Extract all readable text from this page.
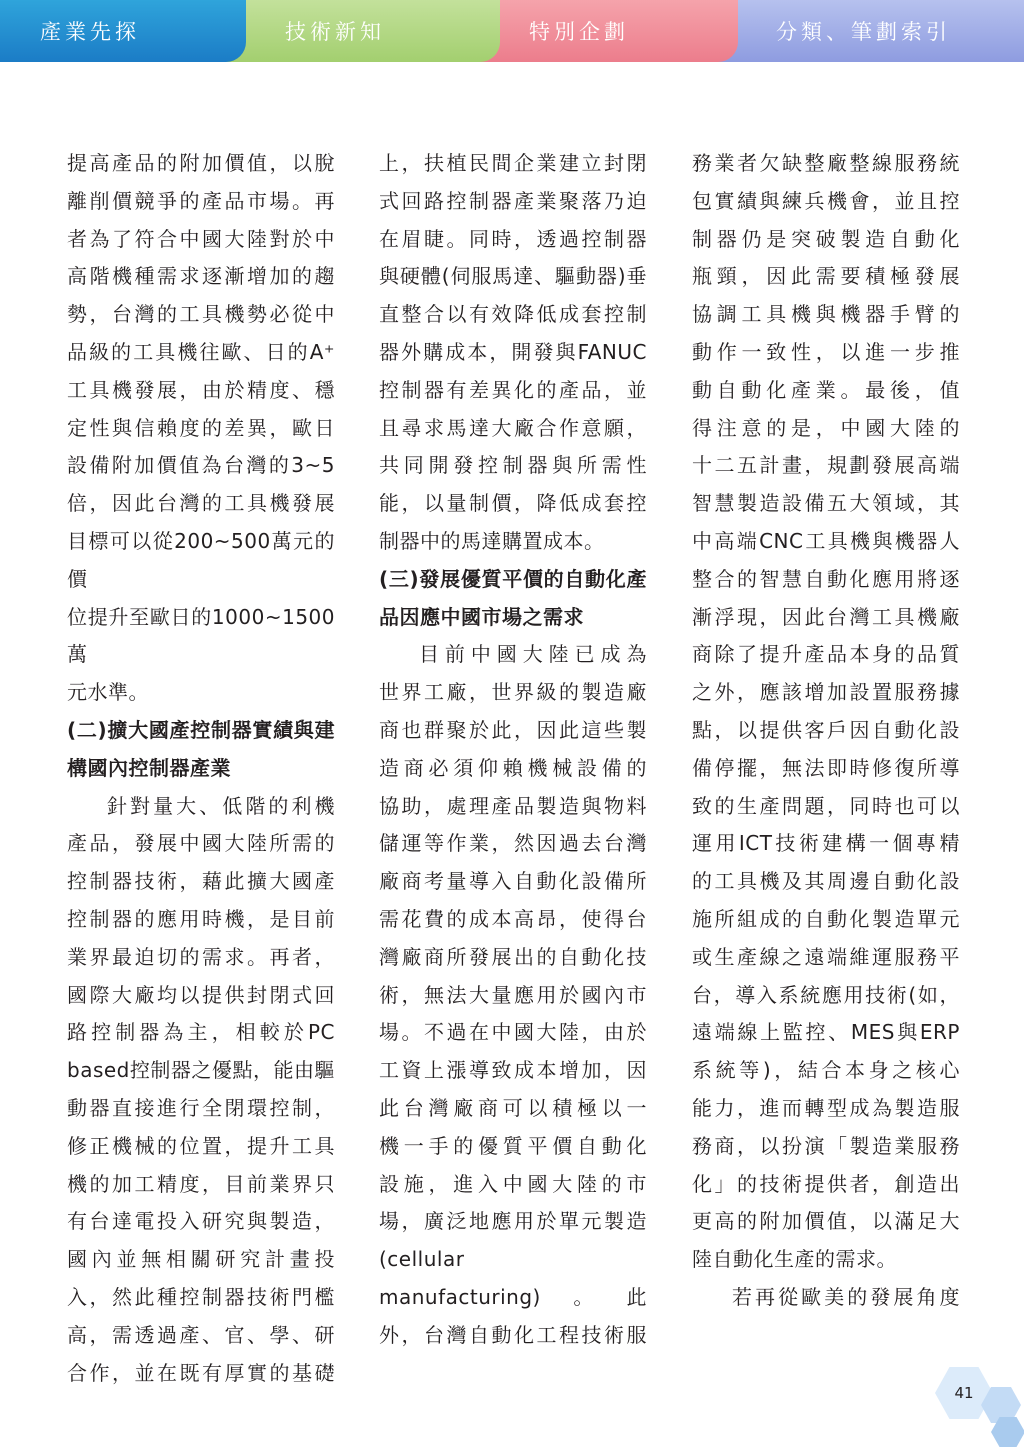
產業先探	技術新知	特別企劃	分類、筆劃索引

提高產品的附加價值，以脫

離削價競爭的產品市場。再

者為了符合中國大陸對於中

高階機種需求逐漸增加的趨

勢，台灣的工具機勢必從中

品級的工具機往歐、日的A⁺

工具機發展，由於精度、穩

定性與信賴度的差異，歐日

設備附加價值為台灣的3~5

倍，因此台灣的工具機發展

目標可以從200~500萬元的價

位提升至歐日的1000~1500萬

元水準。

(二)擴大國產控制器實績與建

構國內控制器產業

針對量大、低階的利機

產品，發展中國大陸所需的

控制器技術，藉此擴大國產

控制器的應用時機，是目前

業界最迫切的需求。再者，

國際大廠均以提供封閉式回

路控制器為主，相較於PC

based控制器之優點，能由驅

動器直接進行全閉環控制，

修正機械的位置，提升工具

機的加工精度，目前業界只

有台達電投入研究與製造，

國內並無相關研究計畫投

入，然此種控制器技術門檻

高，需透過產、官、學、研

合作，並在既有厚實的基礎

上，扶植民間企業建立封閉

式回路控制器產業聚落乃迫

在眉睫。同時，透過控制器

與硬體(伺服馬達、驅動器)垂

直整合以有效降低成套控制

器外購成本，開發與FANUC

控制器有差異化的產品，並

且尋求馬達大廠合作意願，

共同開發控制器與所需性

能，以量制價，降低成套控

制器中的馬達購置成本。

(三)發展優質平價的自動化產

品因應中國市場之需求

目前中國大陸已成為

世界工廠，世界級的製造廠

商也群聚於此，因此這些製

造商必須仰賴機械設備的

協助，處理產品製造與物料

儲運等作業，然因過去台灣

廠商考量導入自動化設備所

需花費的成本高昂，使得台

灣廠商所發展出的自動化技

術，無法大量應用於國內市

場。不過在中國大陸，由於

工資上漲導致成本增加，因

此台灣廠商可以積極以一

機一手的優質平價自動化

設施，進入中國大陸的市

場，廣泛地應用於單元製造

(cellular manufacturing)。此

外，台灣自動化工程技術服

務業者欠缺整廠整線服務統

包實績與練兵機會，並且控

制器仍是突破製造自動化

瓶頸，因此需要積極發展

協調工具機與機器手臂的

動作一致性，以進一步推

動自動化產業。最後，值

得注意的是，中國大陸的

十二五計畫，規劃發展高端

智慧製造設備五大領域，其

中高端CNC工具機與機器人

整合的智慧自動化應用將逐

漸浮現，因此台灣工具機廠

商除了提升產品本身的品質

之外，應該增加設置服務據

點，以提供客戶因自動化設

備停擺，無法即時修復所導

致的生產問題，同時也可以

運用ICT技術建構一個專精

的工具機及其周邊自動化設

施所組成的自動化製造單元

或生產線之遠端維運服務平

台，導入系統應用技術(如，

遠端線上監控、MES與ERP

系統等)，結合本身之核心

能力，進而轉型成為製造服

務商，以扮演「製造業服務

化」的技術提供者，創造出

更高的附加價值，以滿足大

陸自動化生產的需求。

若再從歐美的發展角度

41
